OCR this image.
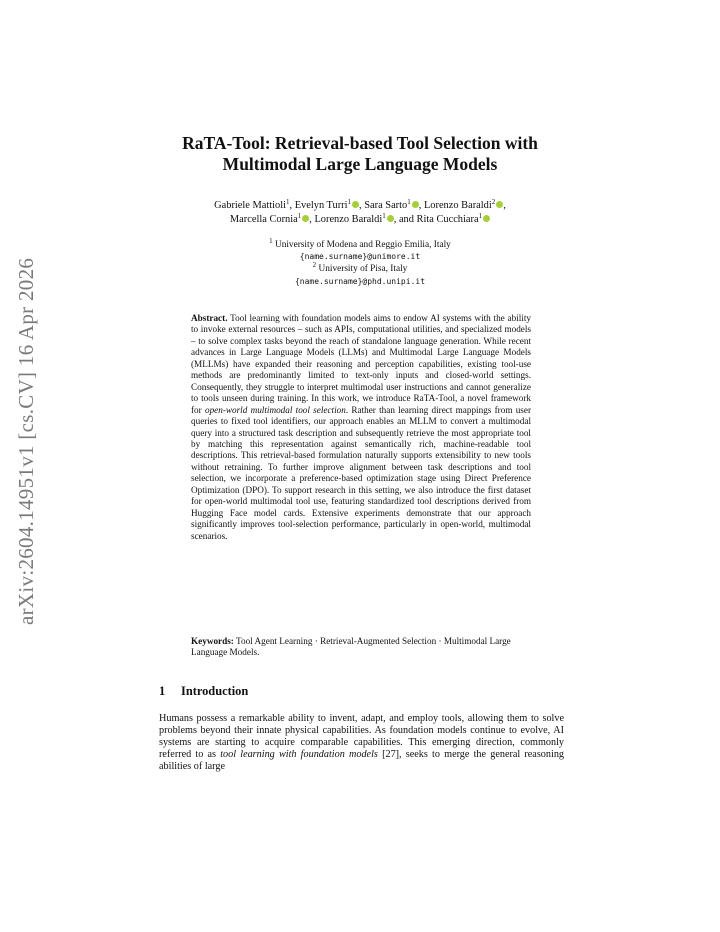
arXiv:2604.14951v1 [cs.CV] 16 Apr 2026
RaTA-Tool: Retrieval-based Tool Selection with
Multimodal Large Language Models
Gabriele Mattioli$^1$, Evelyn Turri$^1$ , Sara Sarto$^1$ , Lorenzo Baraldi$^2$ ,
Marcella Cornia$^1$ , Lorenzo Baraldi$^1$ , and Rita Cucchiara$^1$
$^1$ University of Modena and Reggio Emilia, Italy
{name.surname}@unimore.it
$^2$ University of Pisa, Italy
{name.surname}@phd.unipi.it
Abstract. Tool learning with foundation models aims to endow AI systems with the ability to invoke external resources – such as APIs, computational utilities, and specialized models – to solve complex tasks beyond the reach of standalone language generation. While recent advances in Large Language Models (LLMs) and Multimodal Large Language Models (MLLMs) have expanded their reasoning and perception capabilities, existing tool-use methods are predominantly limited to text-only inputs and closed-world settings. Consequently, they struggle to interpret multimodal user instructions and cannot generalize to tools unseen during training. In this work, we introduce RaTA-Tool, a novel framework for open-world multimodal tool selection. Rather than learning direct mappings from user queries to fixed tool identifiers, our approach enables an MLLM to convert a multimodal query into a structured task description and subsequently retrieve the most appropriate tool by matching this representation against semantically rich, machine-readable tool descriptions. This retrieval-based formulation naturally supports extensibility to new tools without retraining. To further improve alignment between task descriptions and tool selection, we incorporate a preference-based optimization stage using Direct Preference Optimization (DPO). To support research in this setting, we also introduce the first dataset for open-world multimodal tool use, featuring standardized tool descriptions derived from Hugging Face model cards. Extensive experiments demonstrate that our approach significantly improves tool-selection performance, particularly in open-world, multimodal scenarios.
Keywords: Tool Agent Learning · Retrieval-Augmented Selection · Multimodal Large Language Models.
1 Introduction
Humans possess a remarkable ability to invent, adapt, and employ tools, allowing them to solve problems beyond their innate physical capabilities. As foundation models continue to evolve, AI systems are starting to acquire comparable capabilities. This emerging direction, commonly referred to as tool learning with foundation models [27], seeks to merge the general reasoning abilities of large
